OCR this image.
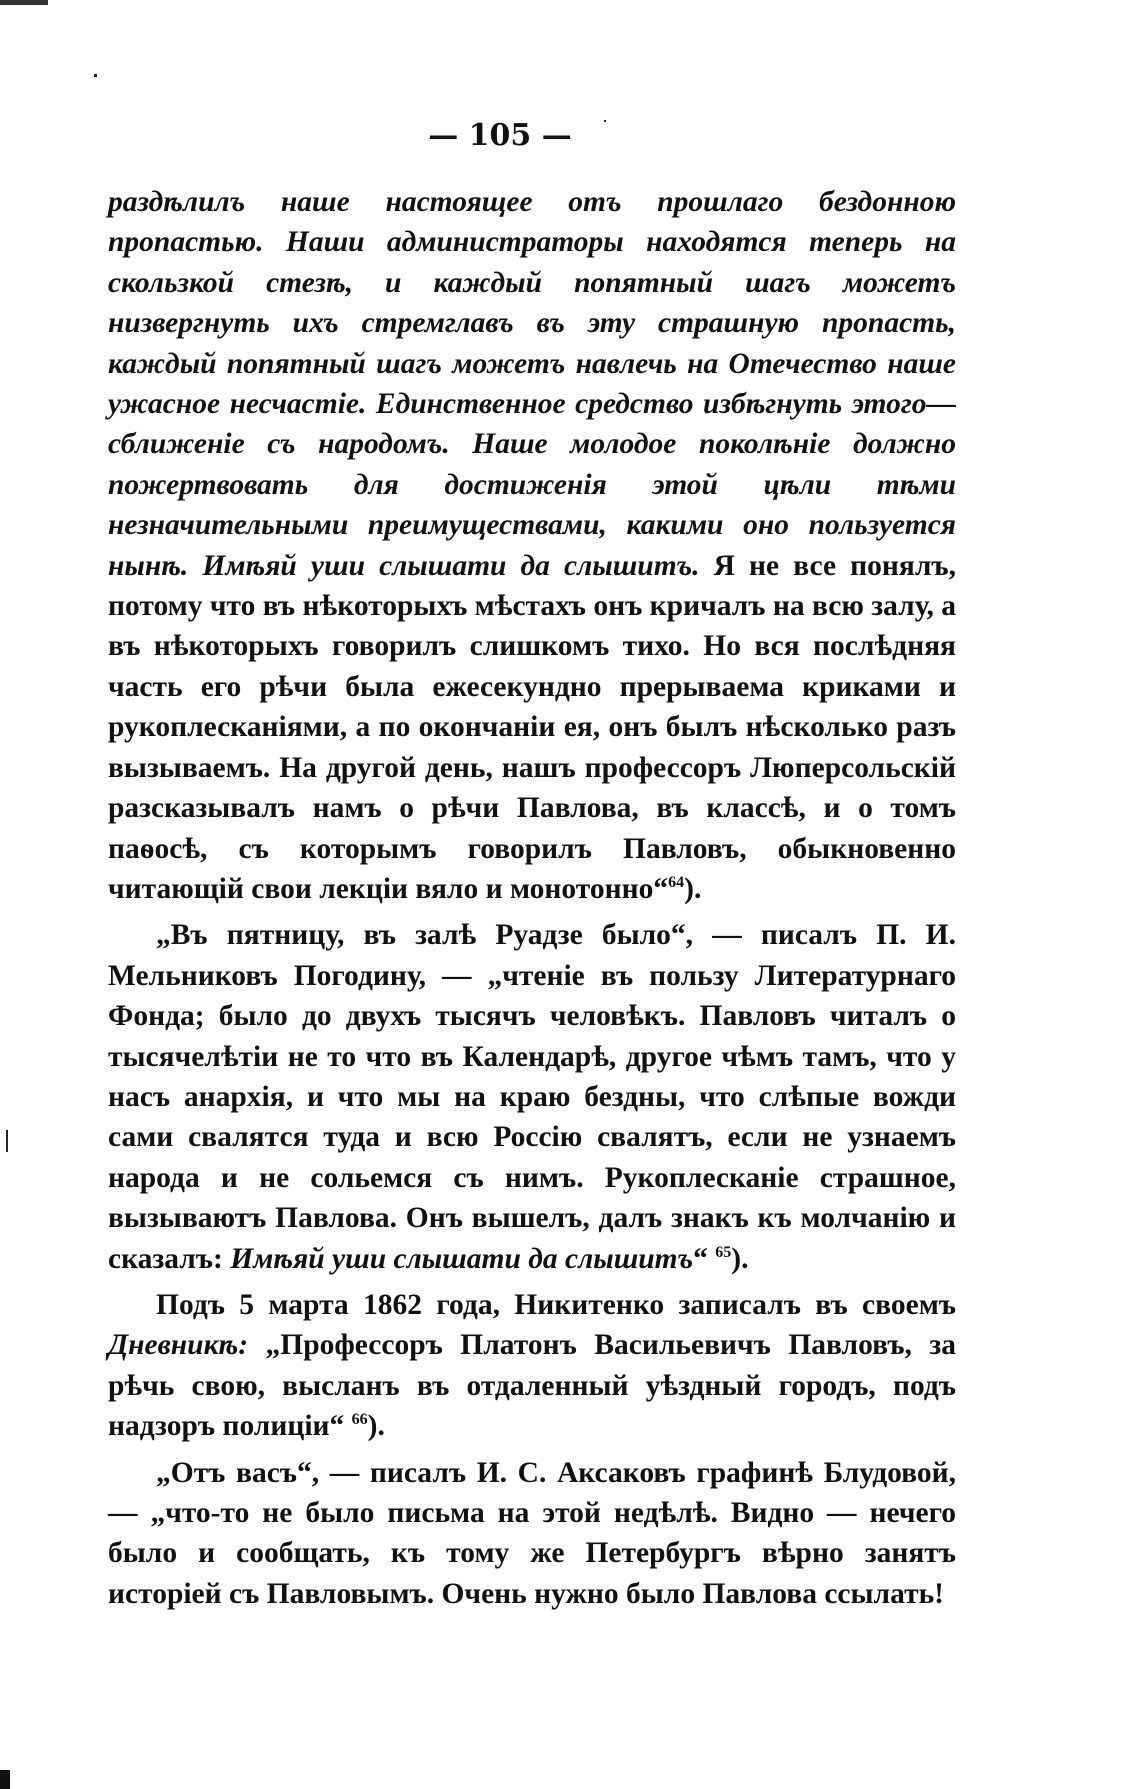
— 105 —

раздѣлилъ наше настоящее отъ прошлаго бездонною пропастью. Наши администраторы находятся теперь на скользкой стезѣ, и каждый попятный шагъ можетъ низвергнуть ихъ стремглавъ въ эту страшную пропасть, каждый попятный шагъ можетъ навлечь на Отечество наше ужасное несчастіе. Единственное средство избѣгнуть этого—сближеніе съ народомъ. Наше молодое поколѣніе должно пожертвовать для достиженія этой цѣли тѣми незначительными преимуществами, какими оно пользуется нынѣ. Имѣяй уши слышати да слышитъ. Я не все понялъ, потому что въ нѣкоторыхъ мѣстахъ онъ кричалъ на всю залу, а въ нѣкоторыхъ говорилъ слишкомъ тихо. Но вся послѣдняя часть его рѣчи была ежесекундно прерываема криками и рукоплесканіями, а по окончаніи ея, онъ былъ нѣсколько разъ вызываемъ. На другой день, нашъ профессоръ Люперсольскій разсказывалъ намъ о рѣчи Павлова, въ классѣ, и о томъ паѳосѣ, съ которымъ говорилъ Павловъ, обыкновенно читающій свои лекціи вяло и монотонно“$^{64}$).

„Въ пятницу, въ залѣ Руадзе было“, — писалъ П. И. Мельниковъ Погодину, — „чтеніе въ пользу Литературнаго Фонда; было до двухъ тысячъ человѣкъ. Павловъ читалъ о тысячелѣтіи не то что въ Календарѣ, другое чѣмъ тамъ, что у насъ анархія, и что мы на краю бездны, что слѣпые вожди сами свалятся туда и всю Россію свалятъ, если не узнаемъ народа и не сольемся съ нимъ. Рукоплесканіе страшное, вызываютъ Павлова. Онъ вышелъ, далъ знакъ къ молчанію и сказалъ: Имѣяй уши слышати да слышитъ“ $^{65}$).

Подъ 5 марта 1862 года, Никитенко записалъ въ своемъ Дневникѣ: „Профессоръ Платонъ Васильевичъ Павловъ, за рѣчь свою, высланъ въ отдаленный уѣздный городъ, подъ надзоръ полиціи“ $^{66}$).

„Отъ васъ“, — писалъ И. С. Аксаковъ графинѣ Блудовой, — „что-то не было письма на этой недѣлѣ. Видно — нечего было и сообщать, къ тому же Петербургъ вѣрно занятъ исторіей съ Павловымъ. Очень нужно было Павлова ссылать!
